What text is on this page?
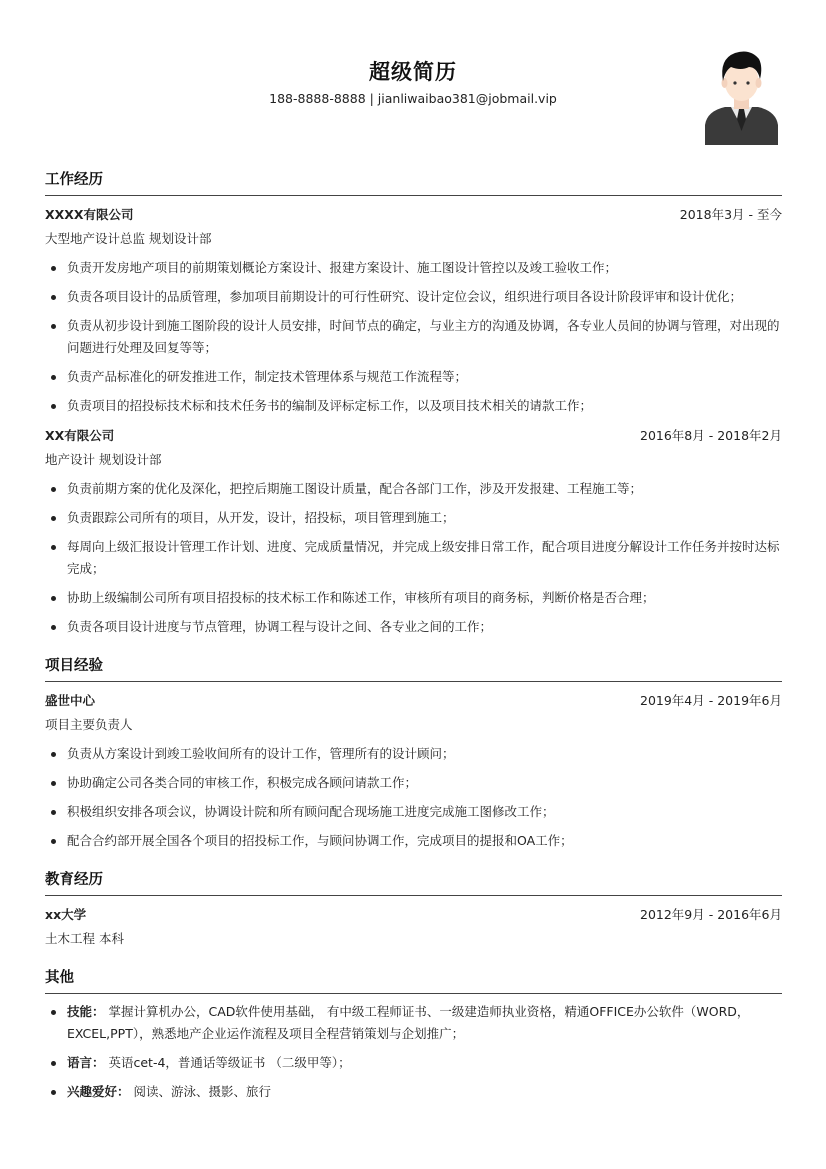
超级简历
188-8888-8888 | jianliwaibao381@jobmail.vip
工作经历
XXXX有限公司	2018年3月 - 至今
大型地产设计总监 规划设计部
负责开发房地产项目的前期策划概论方案设计、报建方案设计、施工图设计管控以及竣工验收工作；
负责各项目设计的品质管理，参加项目前期设计的可行性研究、设计定位会议，组织进行项目各设计阶段评审和设计优化；
负责从初步设计到施工图阶段的设计人员安排，时间节点的确定，与业主方的沟通及协调，各专业人员间的协调与管理，对出现的问题进行处理及回复等等；
负责产品标准化的研发推进工作，制定技术管理体系与规范工作流程等；
负责项目的招投标技术标和技术任务书的编制及评标定标工作，以及项目技术相关的请款工作；
XX有限公司	2016年8月 - 2018年2月
地产设计 规划设计部
负责前期方案的优化及深化，把控后期施工图设计质量，配合各部门工作，涉及开发报建、工程施工等；
负责跟踪公司所有的项目，从开发，设计，招投标，项目管理到施工；
每周向上级汇报设计管理工作计划、进度、完成质量情况，并完成上级安排日常工作，配合项目进度分解设计工作任务并按时达标完成；
协助上级编制公司所有项目招投标的技术标工作和陈述工作，审核所有项目的商务标，判断价格是否合理；
负责各项目设计进度与节点管理，协调工程与设计之间、各专业之间的工作；
项目经验
盛世中心	2019年4月 - 2019年6月
项目主要负责人
负责从方案设计到竣工验收间所有的设计工作，管理所有的设计顾问；
协助确定公司各类合同的审核工作，积极完成各顾问请款工作；
积极组织安排各项会议，协调设计院和所有顾问配合现场施工进度完成施工图修改工作；
配合合约部开展全国各个项目的招投标工作，与顾问协调工作，完成项目的提报和OA工作；
教育经历
xx大学	2012年9月 - 2016年6月
土木工程 本科
其他
技能： 掌握计算机办公，CAD软件使用基础， 有中级工程师证书、一级建造师执业资格，精通OFFICE办公软件（WORD，EXCEL,PPT），熟悉地产企业运作流程及项目全程营销策划与企划推广；
语言： 英语cet-4，普通话等级证书 （二级甲等）；
兴趣爱好： 阅读、游泳、摄影、旅行
